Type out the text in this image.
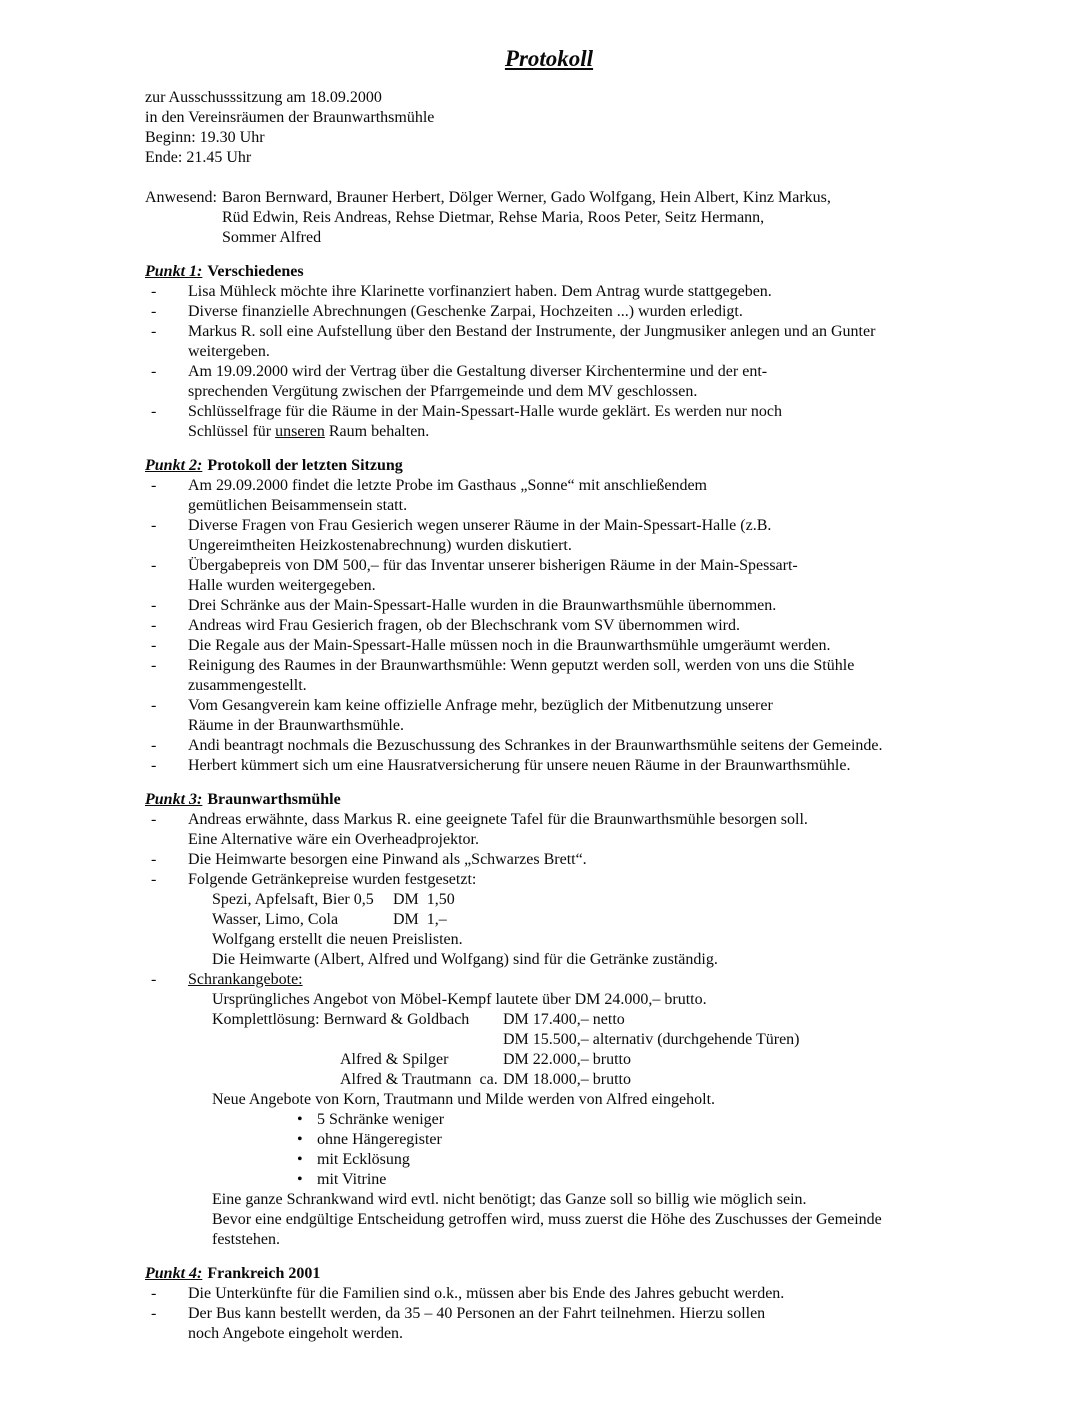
Protokoll
zur Ausschusssitzung am 18.09.2000
in den Vereinsräumen der Braunwarthsmühle
Beginn: 19.30 Uhr
Ende: 21.45 Uhr
Anwesend: Baron Bernward, Brauner Herbert, Dölger Werner, Gado Wolfgang, Hein Albert, Kinz Markus,
Rüd Edwin, Reis Andreas, Rehse Dietmar, Rehse Maria, Roos Peter, Seitz Hermann,
Sommer Alfred
Punkt 1: Verschiedenes
-	Lisa Mühleck möchte ihre Klarinette vorfinanziert haben. Dem Antrag wurde stattgegeben.
-	Diverse finanzielle Abrechnungen (Geschenke Zarpai, Hochzeiten ...) wurden erledigt.
-	Markus R. soll eine Aufstellung über den Bestand der Instrumente, der Jungmusiker anlegen und an Gunter
weitergeben.
-	Am 19.09.2000 wird der Vertrag über die Gestaltung diverser Kirchentermine und der ent-
sprechenden Vergütung zwischen der Pfarrgemeinde und dem MV geschlossen.
-	Schlüsselfrage für die Räume in der Main-Spessart-Halle wurde geklärt. Es werden nur noch
Schlüssel für unseren Raum behalten.
Punkt 2: Protokoll der letzten Sitzung
-	Am 29.09.2000 findet die letzte Probe im Gasthaus „Sonne“ mit anschließendem
gemütlichen Beisammensein statt.
-	Diverse Fragen von Frau Gesierich wegen unserer Räume in der Main-Spessart-Halle (z.B.
Ungereimtheiten Heizkostenabrechnung) wurden diskutiert.
-	Übergabepreis von DM 500,– für das Inventar unserer bisherigen Räume in der Main-Spessart-
Halle wurden weitergegeben.
-	Drei Schränke aus der Main-Spessart-Halle wurden in die Braunwarthsmühle übernommen.
-	Andreas wird Frau Gesierich fragen, ob der Blechschrank vom SV übernommen wird.
-	Die Regale aus der Main-Spessart-Halle müssen noch in die Braunwarthsmühle umgeräumt werden.
-	Reinigung des Raumes in der Braunwarthsmühle: Wenn geputzt werden soll, werden von uns die Stühle
zusammengestellt.
-	Vom Gesangverein kam keine offizielle Anfrage mehr, bezüglich der Mitbenutzung unserer
Räume in der Braunwarthsmühle.
-	Andi beantragt nochmals die Bezuschussung des Schrankes in der Braunwarthsmühle seitens der Gemeinde.
-	Herbert kümmert sich um eine Hausratversicherung für unsere neuen Räume in der Braunwarthsmühle.
Punkt 3: Braunwarthsmühle
-	Andreas erwähnte, dass Markus R. eine geeignete Tafel für die Braunwarthsmühle besorgen soll.
Eine Alternative wäre ein Overheadprojektor.
-	Die Heimwarte besorgen eine Pinwand als „Schwarzes Brett“.
-	Folgende Getränkepreise wurden festgesetzt:
Spezi, Apfelsaft, Bier 0,5	DM  1,50
Wasser, Limo, Cola	DM  1,–
Wolfgang erstellt die neuen Preislisten.
Die Heimwarte (Albert, Alfred und Wolfgang) sind für die Getränke zuständig.
-	Schrankangebote:
Ursprüngliches Angebot von Möbel-Kempf lautete über DM 24.000,– brutto.
Komplettlösung: Bernward & Goldbach	DM 17.400,– netto
DM 15.500,– alternativ (durchgehende Türen)
Alfred & Spilger	DM 22.000,– brutto
Alfred & Trautmann  ca. DM 18.000,– brutto
Neue Angebote von Korn, Trautmann und Milde werden von Alfred eingeholt.
• 5 Schränke weniger
• ohne Hängeregister
• mit Ecklösung
• mit Vitrine
Eine ganze Schrankwand wird evtl. nicht benötigt; das Ganze soll so billig wie möglich sein.
Bevor eine endgültige Entscheidung getroffen wird, muss zuerst die Höhe des Zuschusses der Gemeinde
feststehen.
Punkt 4: Frankreich 2001
-	Die Unterkünfte für die Familien sind o.k., müssen aber bis Ende des Jahres gebucht werden.
-	Der Bus kann bestellt werden, da 35 – 40 Personen an der Fahrt teilnehmen. Hierzu sollen
noch Angebote eingeholt werden.
